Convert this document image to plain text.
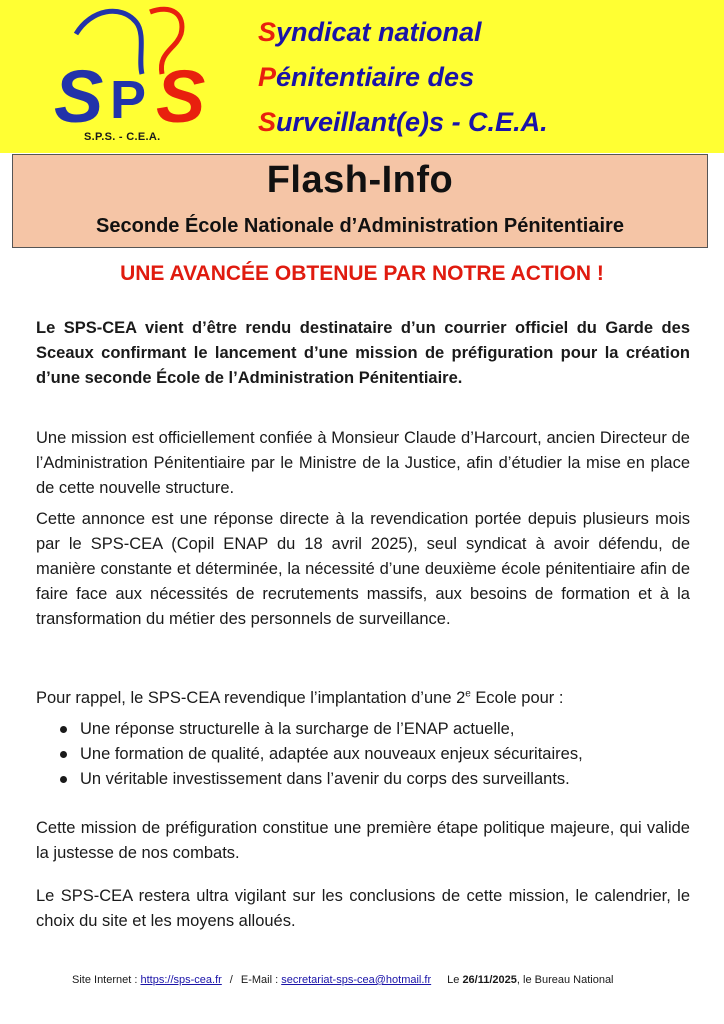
S P S
S.P.S. - C.E.A.
Syndicat national
Pénitentiaire des
Surveillant(e)s - C.E.A.
Flash-Info
Seconde École Nationale d’Administration Pénitentiaire
UNE AVANCÉE OBTENUE PAR NOTRE ACTION !
Le SPS-CEA vient d’être rendu destinataire d’un courrier officiel du Garde des Sceaux confirmant le lancement d’une mission de préfiguration pour la création d’une seconde École de l’Administration Pénitentiaire.
Une mission est officiellement confiée à Monsieur Claude d’Harcourt, ancien Directeur de l’Administration Pénitentiaire par le Ministre de la Justice, afin d’étudier la mise en place de cette nouvelle structure.
Cette annonce est une réponse directe à la revendication portée depuis plusieurs mois par le SPS-CEA (Copil ENAP du 18 avril 2025), seul syndicat à avoir défendu, de manière constante et déterminée, la nécessité d’une deuxième école pénitentiaire afin de faire face aux nécessités de recrutements massifs, aux besoins de formation et à la transformation du métier des personnels de surveillance.
Pour rappel, le SPS-CEA revendique l’implantation d’une 2e Ecole pour :
Une réponse structurelle à la surcharge de l’ENAP actuelle,
Une formation de qualité, adaptée aux nouveaux enjeux sécuritaires,
Un véritable investissement dans l’avenir du corps des surveillants.
Cette mission de préfiguration constitue une première étape politique majeure, qui valide la justesse de nos combats.
Le SPS-CEA restera ultra vigilant sur les conclusions de cette mission, le calendrier, le choix du site et les moyens alloués.
Site Internet : https://sps-cea.fr / E-Mail : secretariat-sps-cea@hotmail.fr Le 26/11/2025, le Bureau National
